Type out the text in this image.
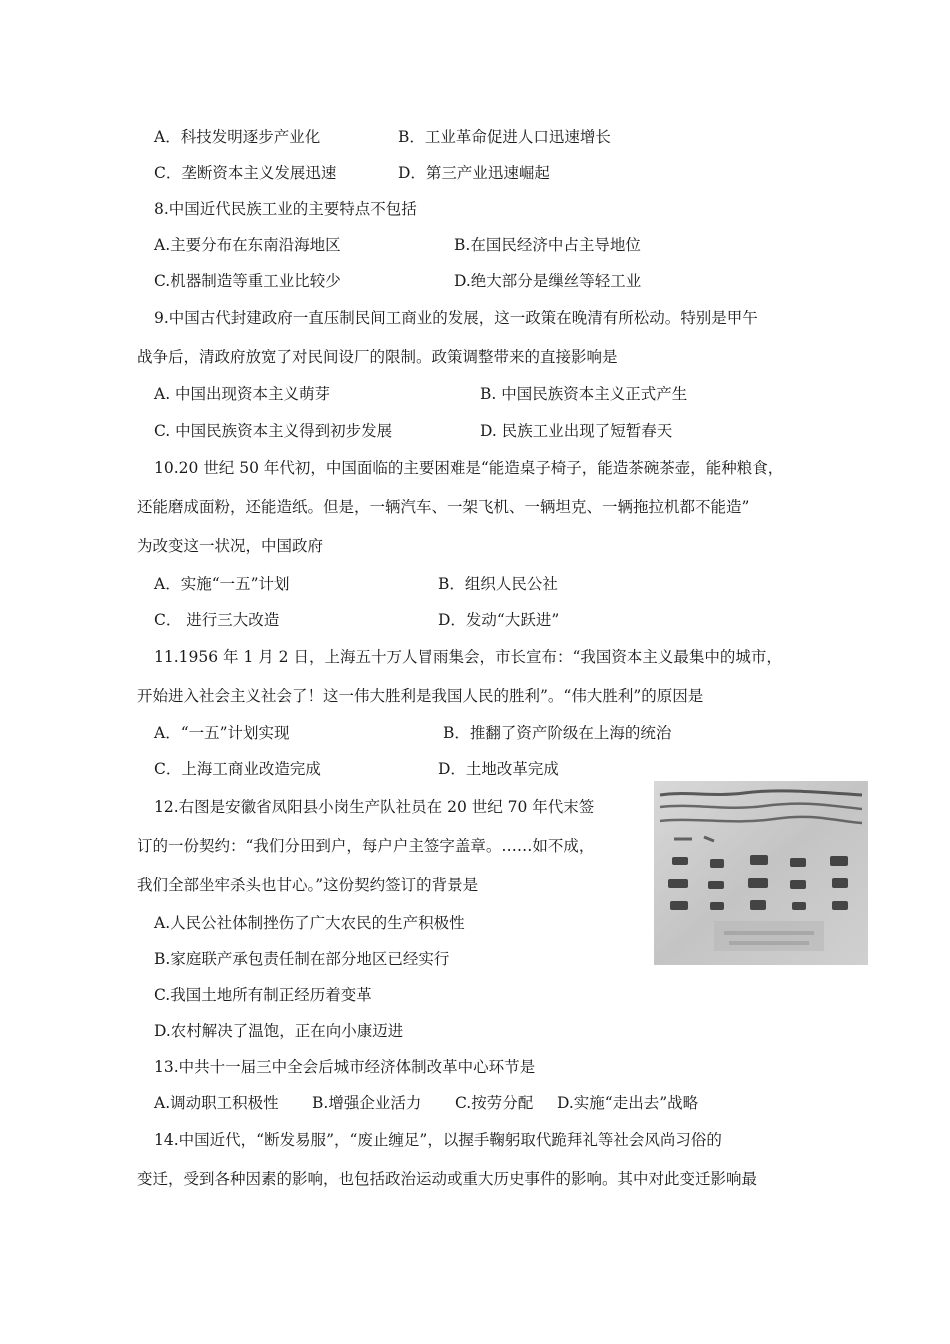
A．科技发明逐步产业化	B．工业革命促进人口迅速增长
C．垄断资本主义发展迅速	D．第三产业迅速崛起
8.中国近代民族工业的主要特点不包括
A.主要分布在东南沿海地区	B.在国民经济中占主导地位
C.机器制造等重工业比较少	D.绝大部分是缫丝等轻工业
9.中国古代封建政府一直压制民间工商业的发展，这一政策在晚清有所松动。特别是甲午
战争后，清政府放宽了对民间设厂的限制。政策调整带来的直接影响是
A. 中国出现资本主义萌芽	B. 中国民族资本主义正式产生
C. 中国民族资本主义得到初步发展	D. 民族工业出现了短暂春天
10.20 世纪 50 年代初，中国面临的主要困难是“能造桌子椅子，能造茶碗茶壶，能种粮食，
还能磨成面粉，还能造纸。但是，一辆汽车、一架飞机、一辆坦克、一辆拖拉机都不能造”
为改变这一状况，中国政府
A．实施“一五”计划	B．组织人民公社
C． 进行三大改造	D．发动“大跃进”
11.1956 年 1 月 2 日，上海五十万人冒雨集会，市长宣布：“我国资本主义最集中的城市，
开始进入社会主义社会了！这一伟大胜利是我国人民的胜利”。“伟大胜利”的原因是
A．“一五”计划实现	B．推翻了资产阶级在上海的统治
C．上海工商业改造完成	D．土地改革完成
12.右图是安徽省凤阳县小岗生产队社员在 20 世纪 70 年代末签
订的一份契约：“我们分田到户，每户户主签字盖章。……如不成，
我们全部坐牢杀头也甘心。”这份契约签订的背景是
A.人民公社体制挫伤了广大农民的生产积极性
B.家庭联产承包责任制在部分地区已经实行
C.我国土地所有制正经历着变革
D.农村解决了温饱，正在向小康迈进
13.中共十一届三中全会后城市经济体制改革中心环节是
A.调动职工积极性 B.增强企业活力 C.按劳分配 D.实施“走出去”战略
14.中国近代，“断发易服”，“废止缠足”，以握手鞠躬取代跪拜礼等社会风尚习俗的
变迁，受到各种因素的影响，也包括政治运动或重大历史事件的影响。其中对此变迁影响最
